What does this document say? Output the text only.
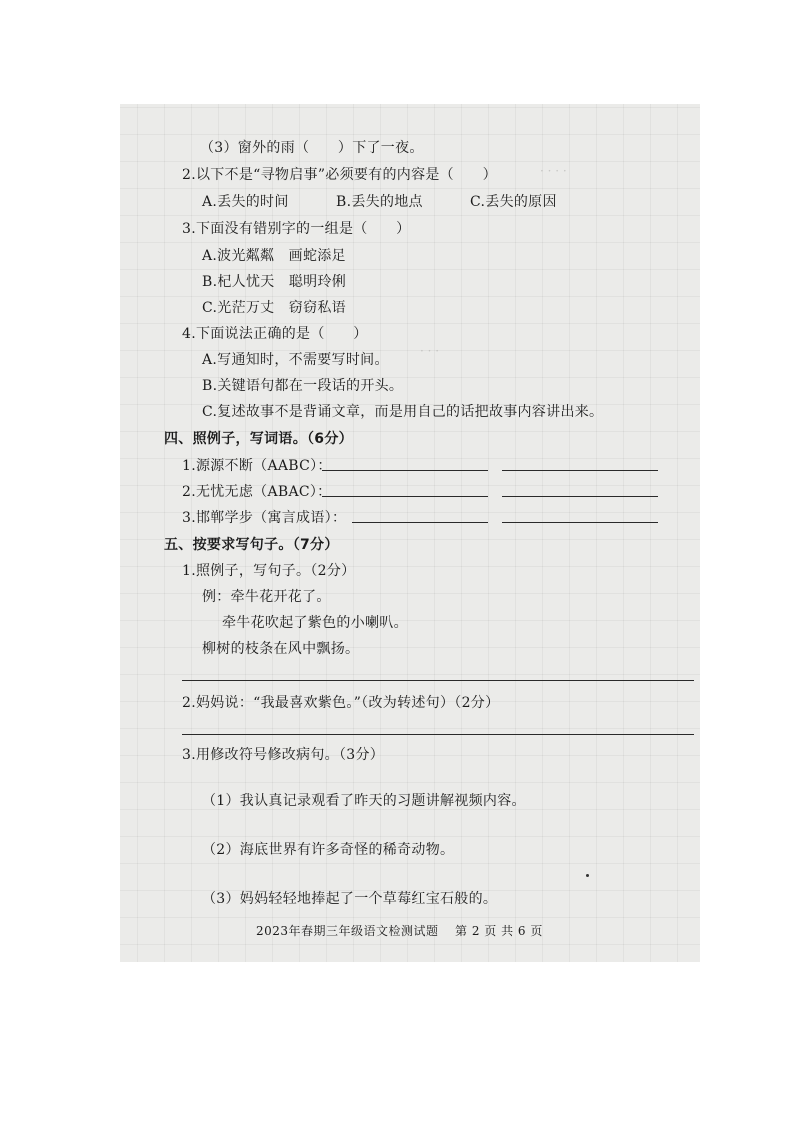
· · · ·
· · ·
（3）窗外的雨（　　）下了一夜。
2.以下不是“寻物启事”必须要有的内容是（　　）
A.丢失的时间	B.丢失的地点	C.丢失的原因
3.下面没有错别字的一组是（　　）
A.波光粼粼　画蛇添足
B.杞人忧天　聪明玲俐
C.光茫万丈　窃窃私语
4.下面说法正确的是（　　）
A.写通知时，不需要写时间。
B.关键语句都在一段话的开头。
C.复述故事不是背诵文章，而是用自己的话把故事内容讲出来。
四、照例子，写词语。（6分）
1.源源不断（AABC）：
2.无忧无虑（ABAC）：
3.邯郸学步（寓言成语）：
五、按要求写句子。（7分）
1.照例子，写句子。（2分）
例：牵牛花开花了。
牵牛花吹起了紫色的小喇叭。
柳树的枝条在风中飘扬。
2.妈妈说：“我最喜欢紫色。”（改为转述句）（2分）
3.用修改符号修改病句。（3分）
（1）我认真记录观看了昨天的习题讲解视频内容。
（2）海底世界有许多奇怪的稀奇动物。
（3）妈妈轻轻地捧起了一个草莓红宝石般的。
2023年春期三年级语文检测试题 第 2 页 共 6 页
